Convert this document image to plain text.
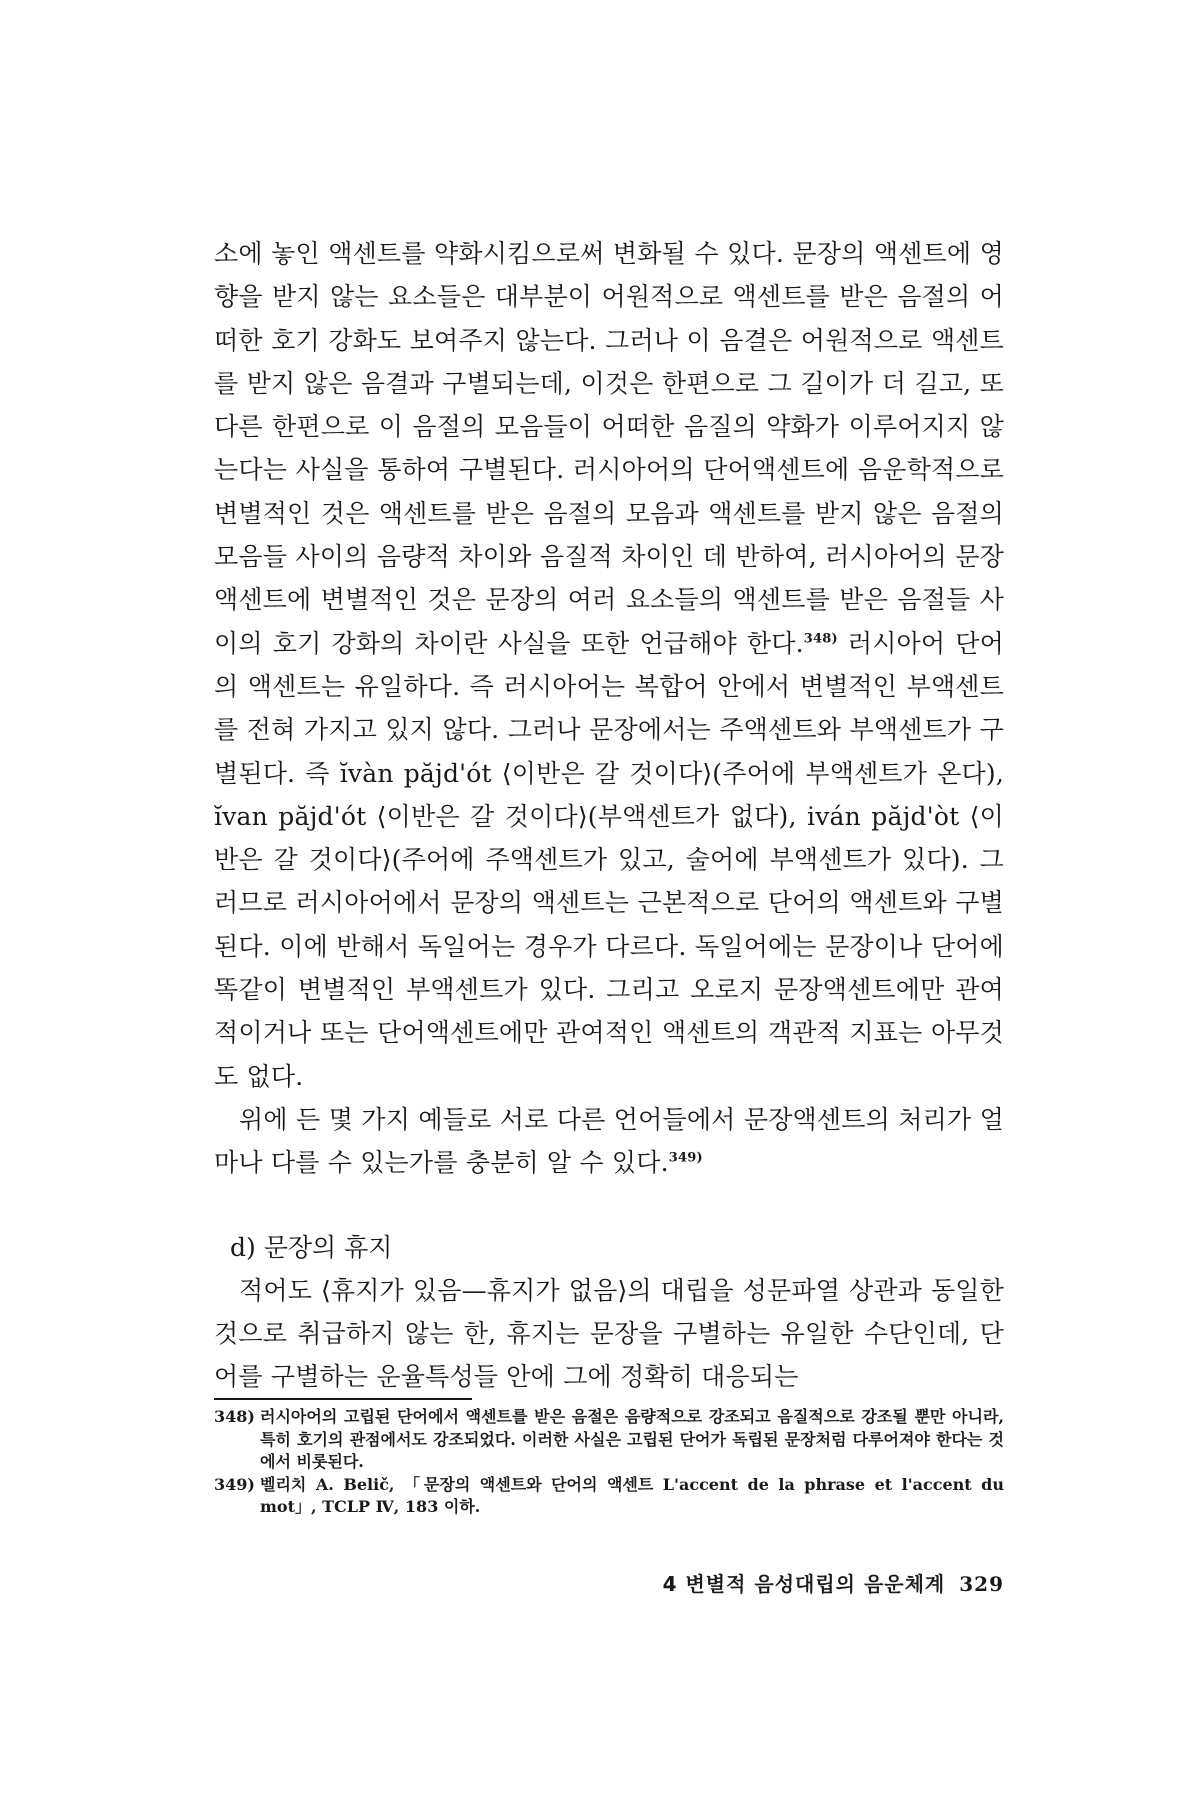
소에 놓인 액센트를 약화시킴으로써 변화될 수 있다. 문장의 액센트에 영향을 받지 않는 요소들은 대부분이 어원적으로 액센트를 받은 음절의 어떠한 호기 강화도 보여주지 않는다. 그러나 이 음결은 어원적으로 액센트를 받지 않은 음결과 구별되는데, 이것은 한편으로 그 길이가 더 길고, 또 다른 한편으로 이 음절의 모음들이 어떠한 음질의 약화가 이루어지지 않는다는 사실을 통하여 구별된다. 러시아어의 단어액센트에 음운학적으로 변별적인 것은 액센트를 받은 음절의 모음과 액센트를 받지 않은 음절의 모음들 사이의 음량적 차이와 음질적 차이인 데 반하여, 러시아어의 문장액센트에 변별적인 것은 문장의 여러 요소들의 액센트를 받은 음절들 사이의 호기 강화의 차이란 사실을 또한 언급해야 한다.$^{348)}$ 러시아어 단어의 액센트는 유일하다. 즉 러시아어는 복합어 안에서 변별적인 부액센트를 전혀 가지고 있지 않다. 그러나 문장에서는 주액센트와 부액센트가 구별된다. 즉 ĭvàn păjd'ót ⟨이반은 갈 것이다⟩(주어에 부액센트가 온다), ĭvan păjd'ót ⟨이반은 갈 것이다⟩(부액센트가 없다), iván păjd'òt ⟨이반은 갈 것이다⟩(주어에 주액센트가 있고, 술어에 부액센트가 있다). 그러므로 러시아어에서 문장의 액센트는 근본적으로 단어의 액센트와 구별된다. 이에 반해서 독일어는 경우가 다르다. 독일어에는 문장이나 단어에 똑같이 변별적인 부액센트가 있다. 그리고 오로지 문장액센트에만 관여적이거나 또는 단어액센트에만 관여적인 액센트의 객관적 지표는 아무것도 없다.

위에 든 몇 가지 예들로 서로 다른 언어들에서 문장액센트의 처리가 얼마나 다를 수 있는가를 충분히 알 수 있다.$^{349)}$

d) 문장의 휴지

적어도 ⟨휴지가 있음—휴지가 없음⟩의 대립을 성문파열 상관과 동일한 것으로 취급하지 않는 한, 휴지는 문장을 구별하는 유일한 수단인데, 단어를 구별하는 운율특성들 안에 그에 정확히 대응되는

348) 러시아어의 고립된 단어에서 액센트를 받은 음절은 음량적으로 강조되고 음질적으로 강조될 뿐만 아니라, 특히 호기의 관점에서도 강조되었다. 이러한 사실은 고립된 단어가 독립된 문장처럼 다루어져야 한다는 것에서 비롯된다.
349) 벨리치 A. Belič, 「문장의 액센트와 단어의 액센트 L'accent de la phrase et l'accent du mot」, TCLP Ⅳ, 183 이하.
4 변별적 음성대립의 음운체계 329
